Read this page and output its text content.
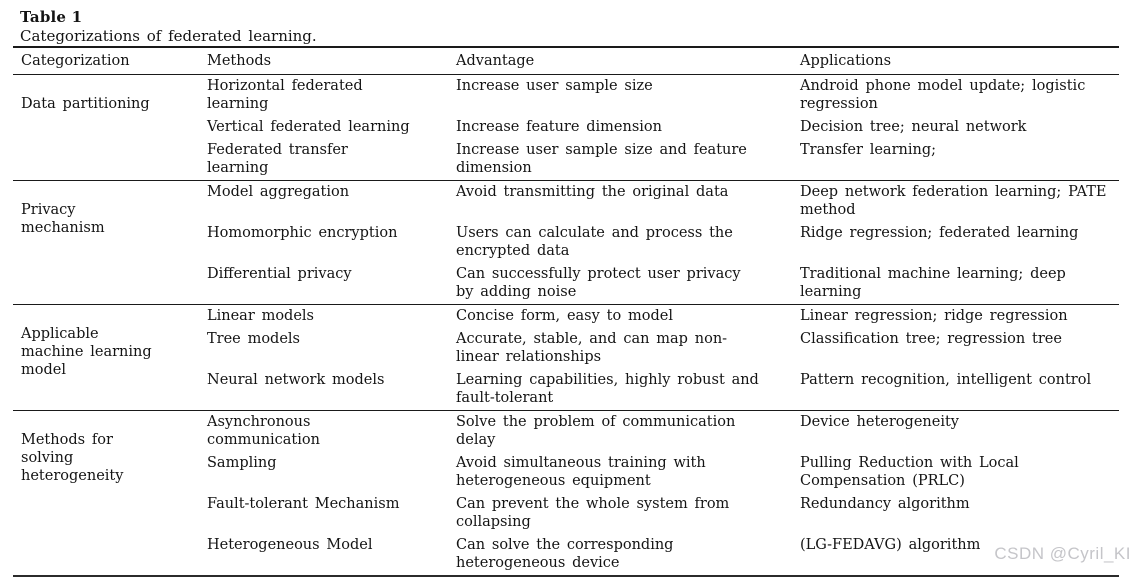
Table 1
Categorizations of federated learning.
Categorization	Methods	Advantage	Applications
Data partitioning	Horizontal federated learning	Increase user sample size	Android phone model update; logistic regression
	Vertical federated learning	Increase feature dimension	Decision tree; neural network
	Federated transfer learning	Increase user sample size and feature dimension	Transfer learning;
Privacy mechanism	Model aggregation	Avoid transmitting the original data	Deep network federation learning; PATE method
	Homomorphic encryption	Users can calculate and process the encrypted data	Ridge regression; federated learning
	Differential privacy	Can successfully protect user privacy by adding noise	Traditional machine learning; deep learning
Applicable machine learning model	Linear models	Concise form, easy to model	Linear regression; ridge regression
	Tree models	Accurate, stable, and can map non-linear relationships	Classification tree; regression tree
	Neural network models	Learning capabilities, highly robust and fault-tolerant	Pattern recognition, intelligent control
Methods for solving heterogeneity	Asynchronous communication	Solve the problem of communication delay	Device heterogeneity
	Sampling	Avoid simultaneous training with heterogeneous equipment	Pulling Reduction with Local Compensation (PRLC)
	Fault-tolerant Mechanism	Can prevent the whole system from collapsing	Redundancy algorithm
	Heterogeneous Model	Can solve the corresponding heterogeneous device	(LG-FEDAVG) algorithm CSDN @Cyril_KI
